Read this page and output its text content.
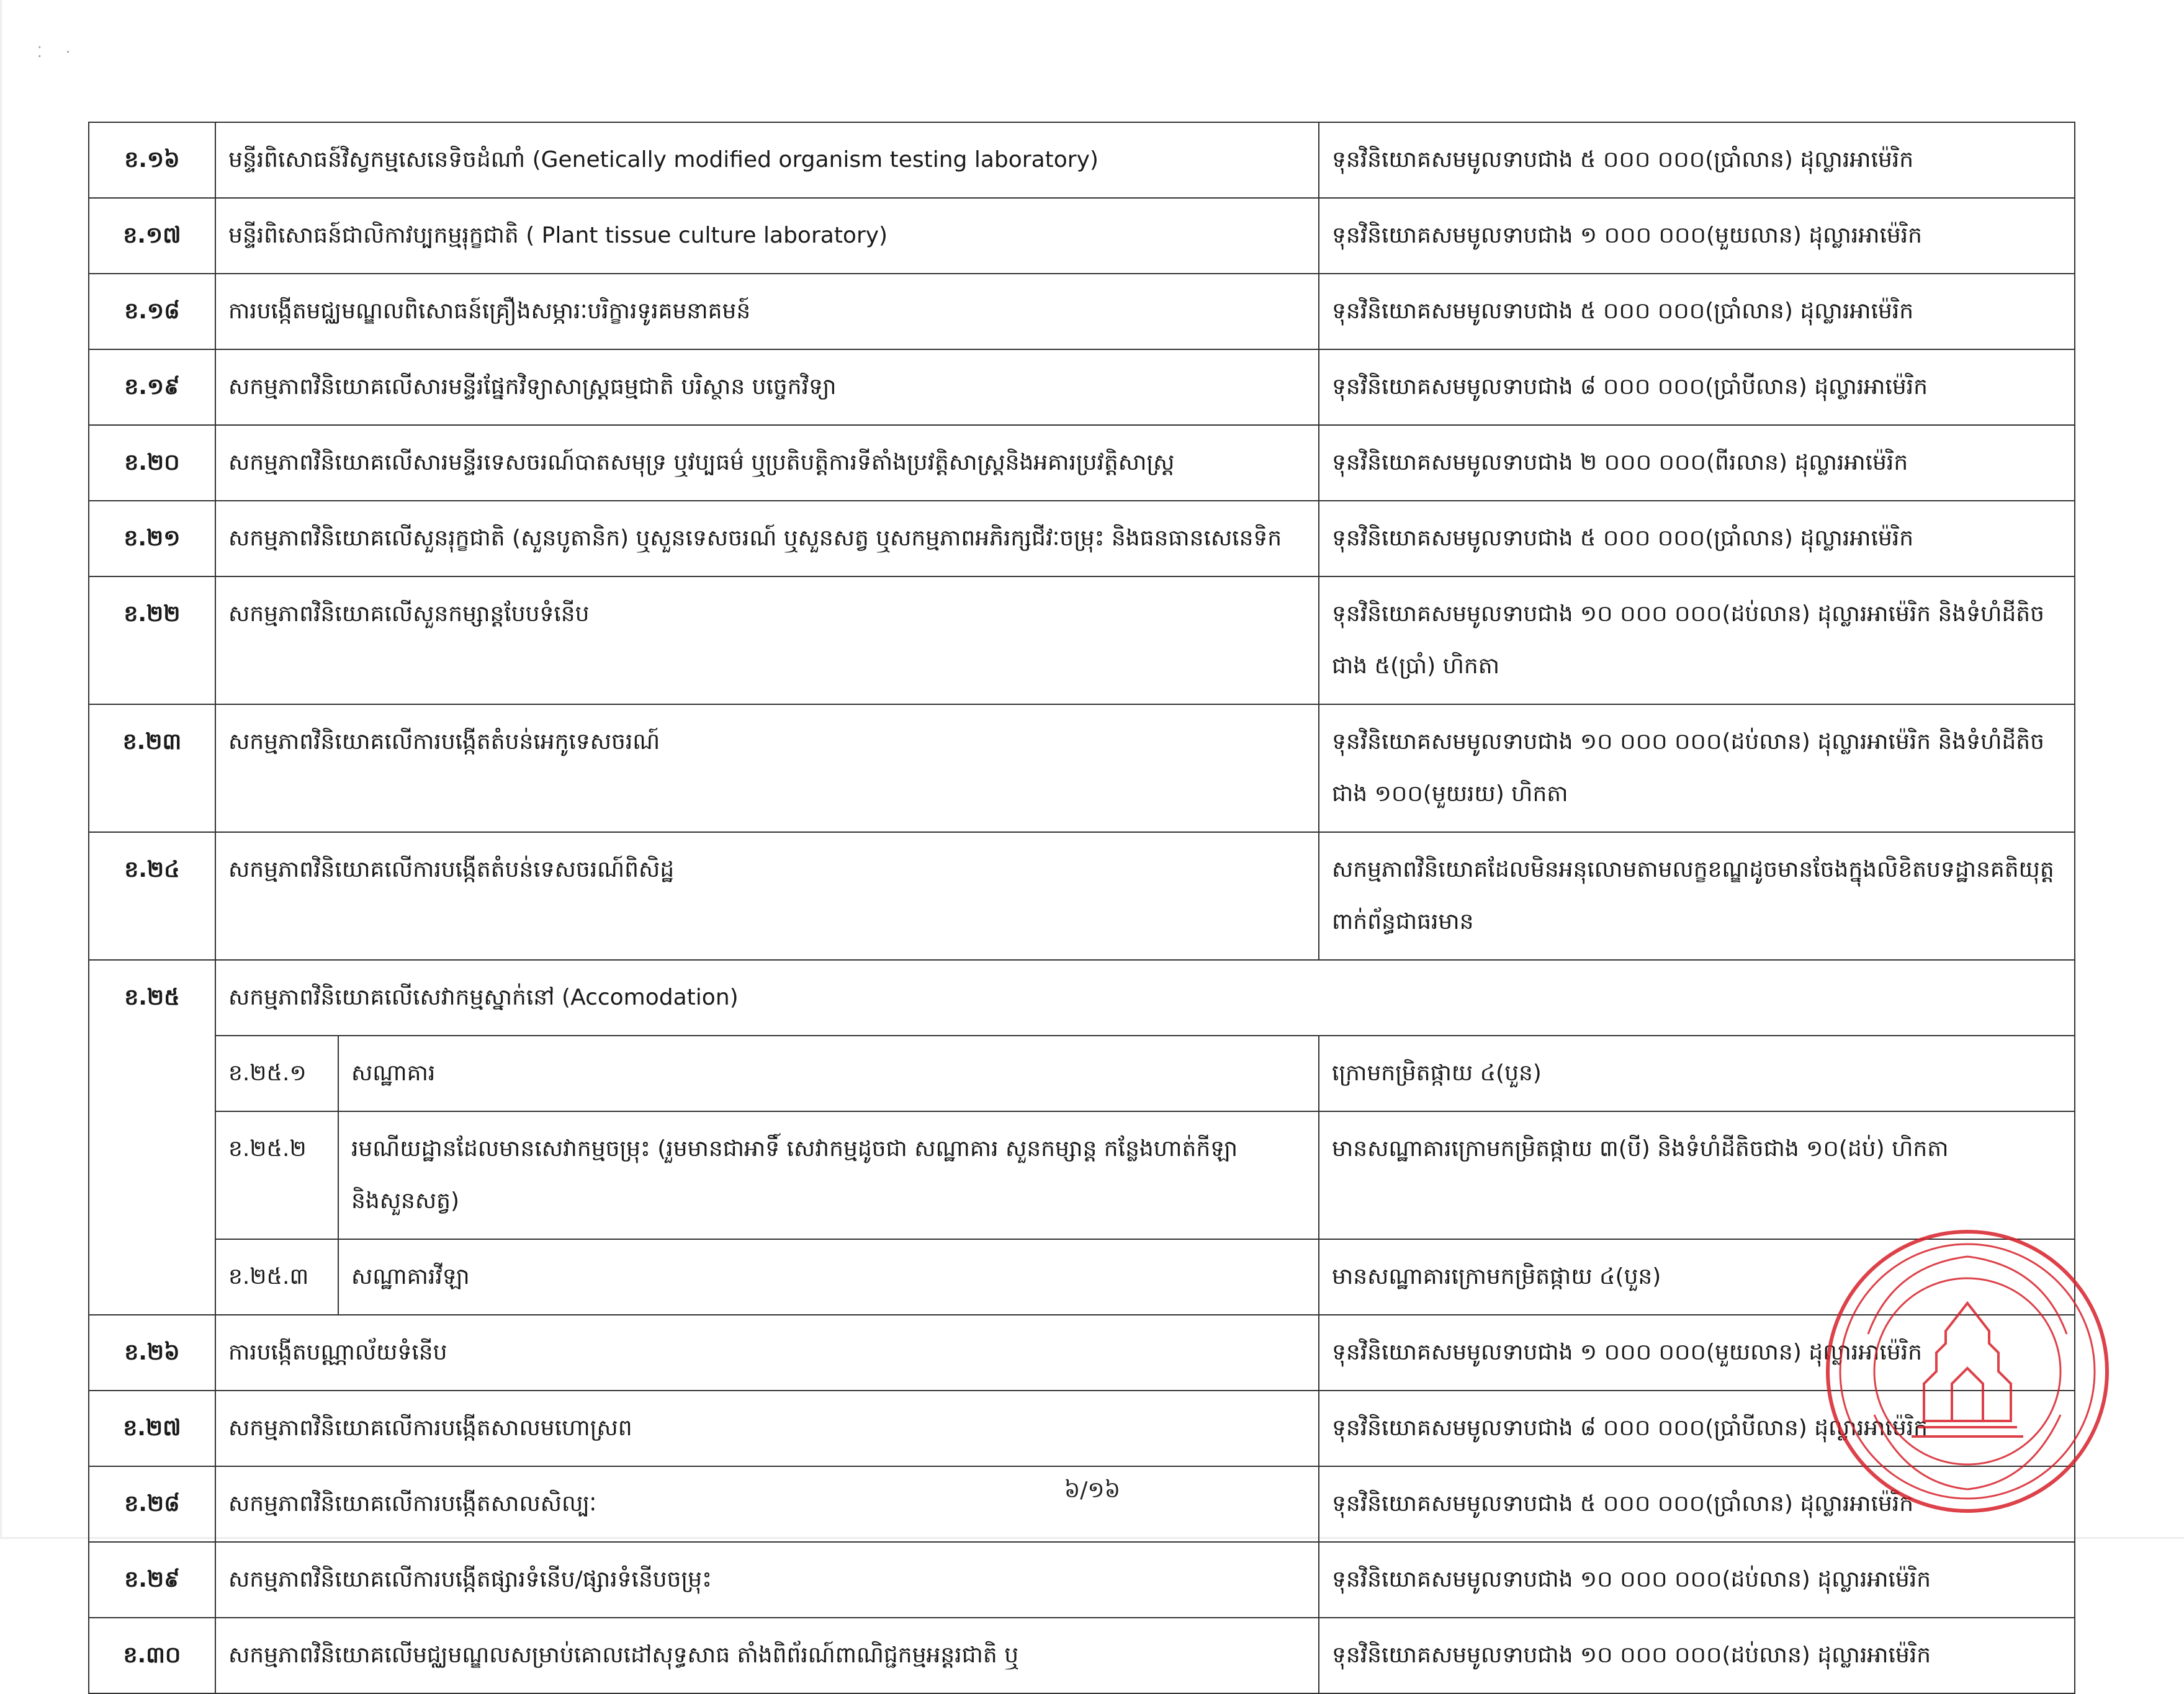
⁚     ·
ខ.១៦	មន្ទីរពិសោធន៍វិស្វកម្មសេនេទិចដំណាំ (Genetically modified organism testing laboratory)		ទុនវិនិយោគសមមូលទាបជាង ៥ ០០០ ០០០(ប្រាំលាន) ដុល្លារអាម៉េរិក
ខ.១៧	មន្ទីរពិសោធន៍ជាលិកាវប្បកម្មរុក្ខជាតិ ( Plant tissue culture laboratory)		ទុនវិនិយោគសមមូលទាបជាង ១ ០០០ ០០០(មួយលាន) ដុល្លារអាម៉េរិក
ខ.១៨	ការបង្កើតមជ្ឈមណ្ឌលពិសោធន៍គ្រឿងសម្ភារៈបរិក្ខារទូរគមនាគមន៍		ទុនវិនិយោគសមមូលទាបជាង ៥ ០០០ ០០០(ប្រាំលាន) ដុល្លារអាម៉េរិក
ខ.១៩	សកម្មភាពវិនិយោគលើសារមន្ទីរផ្នែកវិទ្យាសាស្ត្រធម្មជាតិ បរិស្ថាន បច្ចេកវិទ្យា		ទុនវិនិយោគសមមូលទាបជាង ៨ ០០០ ០០០(ប្រាំបីលាន) ដុល្លារអាម៉េរិក
ខ.២០	សកម្មភាពវិនិយោគលើសារមន្ទីរទេសចរណ៍បាតសមុទ្រ ឬវប្បធម៌ ឬប្រតិបត្តិការទីតាំងប្រវត្តិសាស្ត្រនិងអគារប្រវត្តិសាស្ត្រ		ទុនវិនិយោគសមមូលទាបជាង ២ ០០០ ០០០(ពីរលាន) ដុល្លារអាម៉េរិក
ខ.២១	សកម្មភាពវិនិយោគលើសួនរុក្ខជាតិ (សួនបូតានិក) ឬសួនទេសចរណ៍ ឬសួនសត្វ ឬសកម្មភាពអភិរក្សជីវៈចម្រុះ និងធនធានសេនេទិក		ទុនវិនិយោគសមមូលទាបជាង ៥ ០០០ ០០០(ប្រាំលាន) ដុល្លារអាម៉េរិក
ខ.២២	សកម្មភាពវិនិយោគលើសួនកម្សាន្តបែបទំនើប		ទុនវិនិយោគសមមូលទាបជាង ១០ ០០០ ០០០(ដប់លាន) ដុល្លារអាម៉េរិក និងទំហំដីតិចជាង ៥(ប្រាំ) ហិកតា
ខ.២៣	សកម្មភាពវិនិយោគលើការបង្កើតតំបន់អេកូទេសចរណ៍		ទុនវិនិយោគសមមូលទាបជាង ១០ ០០០ ០០០(ដប់លាន) ដុល្លារអាម៉េរិក និងទំហំដីតិចជាង ១០០(មួយរយ) ហិកតា
ខ.២៤	សកម្មភាពវិនិយោគលើការបង្កើតតំបន់ទេសចរណ៍ពិសិដ្ឋ		សកម្មភាពវិនិយោគដែលមិនអនុលោមតាមលក្ខខណ្ឌដូចមានចែងក្នុងលិខិតបទដ្ឋានគតិយុត្តពាក់ព័ន្ធជាធរមាន
ខ.២៥	សកម្មភាពវិនិយោគលើសេវាកម្មស្នាក់នៅ (Accomodation)		
	ខ.២៥.១	សណ្ឋាគារ	ក្រោមកម្រិតផ្កាយ ៤(បួន)
	ខ.២៥.២	រមណីយដ្ឋានដែលមានសេវាកម្មចម្រុះ (រួមមានជាអាទិ៍ សេវាកម្មដូចជា សណ្ឋាគារ សួនកម្សាន្ត កន្លែងហាត់កីឡា និងសួនសត្វ)	មានសណ្ឋាគារក្រោមកម្រិតផ្កាយ ៣(បី) និងទំហំដីតិចជាង ១០(ដប់) ហិកតា
	ខ.២៥.៣	សណ្ឋាគារវីឡា	មានសណ្ឋាគារក្រោមកម្រិតផ្កាយ ៤(បួន)
ខ.២៦	ការបង្កើតបណ្ណាល័យទំនើប		ទុនវិនិយោគសមមូលទាបជាង ១ ០០០ ០០០(មួយលាន) ដុល្លារអាម៉េរិក
ខ.២៧	សកម្មភាពវិនិយោគលើការបង្កើតសាលមហោស្រព		ទុនវិនិយោគសមមូលទាបជាង ៨ ០០០ ០០០(ប្រាំបីលាន) ដុល្លារអាម៉េរិក
ខ.២៨	សកម្មភាពវិនិយោគលើការបង្កើតសាលសិល្បៈ		ទុនវិនិយោគសមមូលទាបជាង ៥ ០០០ ០០០(ប្រាំលាន) ដុល្លារអាម៉េរិក
ខ.២៩	សកម្មភាពវិនិយោគលើការបង្កើតផ្សារទំនើប/ផ្សារទំនើបចម្រុះ		ទុនវិនិយោគសមមូលទាបជាង ១០ ០០០ ០០០(ដប់លាន) ដុល្លារអាម៉េរិក
ខ.៣០	សកម្មភាពវិនិយោគលើមជ្ឈមណ្ឌលសម្រាប់គោលដៅសុទ្ធសាធ តាំងពិព័រណ៍ពាណិជ្ជកម្មអន្តរជាតិ ឬ		ទុនវិនិយោគសមមូលទាបជាង ១០ ០០០ ០០០(ដប់លាន) ដុល្លារអាម៉េរិក
៦/១៦
